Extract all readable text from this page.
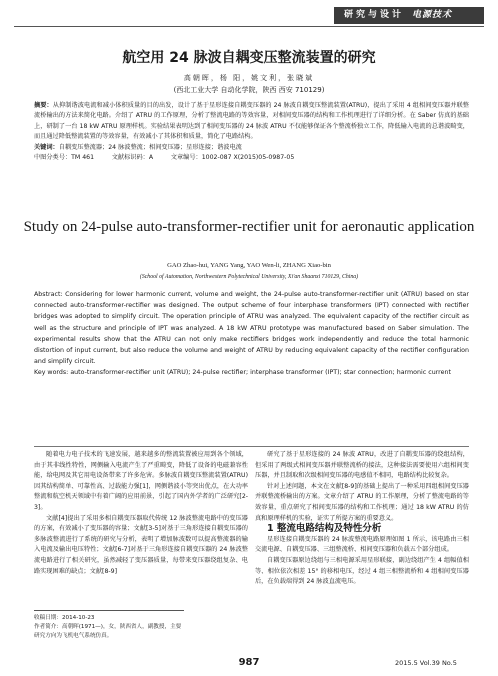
研究与设计 电源技术
航空用 24 脉波自耦变压整流装置的研究
高朝晖，杨 阳，姚文利，张晓斌
(西北工业大学 自动化学院，陕西 西安 710129)
摘要：从抑制谐波电流和减小体积质量的目的出发，设计了基于星形连接自耦变压器的 24 脉波自耦变压整流装置(ATRU)，提出了采用 4 组相间变压器并联整流桥输出的方法来简化电路。介绍了 ATRU 的工作原理，分析了整流电路的等效容量，对相间变压器的结构和工作机理进行了详细分析。在 Saber 仿真的基础上，研制了一台 18 kW ATRU 原理样机。实验结果表明达到了相间变压器的 24 脉波 ATRU 不仅能够保证各个整流桥独立工作，降低输入电流的总谐波畸变，而且通过降低整流装置的等效容量，有效减小了其体积和质量，简化了电路结构。
关键词：自耦变压整流器；24 脉波整流；相间变压器；星形连接；谐波电流
中图分类号：TM 461	文献标识码：A	文章编号：1002-087 X(2015)05-0987-05
Study on 24-pulse auto-transformer-rectifier unit for aeronautic application
GAO Zhao-hui, YANG Yang, YAO Wen-li, ZHANG Xiao-bin
(School of Automation, Northwestern Polytechnical University, Xi'an Shaanxi 710129, China)
Abstract: Considering for lower harmonic current, volume and weight, the 24-pulse auto-transformer-rectifier unit (ATRU) based on star connected auto-transformer-rectifier was designed. The output scheme of four interphase transformers (IPT) connected with rectifier bridges was adopted to simplify circuit. The operation principle of ATRU was analyzed. The equivalent capacity of the rectifier circuit as well as the structure and principle of IPT was analyzed. A 18 kW ATRU prototype was manufactured based on Saber simulation. The experimental results show that the ATRU can not only make rectifiers bridges work independently and reduce the total harmonic distortion of input current, but also reduce the volume and weight of ATRU by reducing equivalent capacity of the rectifier configuration and simplify circuit.
Key words: auto-transformer-rectifier unit (ATRU); 24-pulse rectifier; interphase transformer (IPT); star connection; harmonic current

随着电力电子技术的飞速发展，越来越多的整流装置被应用到各个领域，由于其非线性特性，网侧输入电流产生了严重畸变，降低了设备的电磁兼容性能，给电网及其它用电设备带来了许多危害。多脉波自耦变压整流装置(ATRU)因其结构简单、可靠性高、过载能力强[1]，网侧谐波小等突出优点，在大功率整流和航空机天领域中有着广阔的应用前景，引起了国内外学者的广泛研究[2-3]。

文献[4]提出了采用多相自耦变压器取代传统 12 脉波整流电路中的变压器的方案，有效减小了变压器的容量；文献[3-5]对基于三角形连接自耦变压器的多脉波整流进行了系统的研究与分析，表明了增加脉波数可以提高整流器的输入电流及输出电压特性；文献[6-7]对基于三角形连接自耦变压器的 24 脉波整流电路进行了相关研究，虽然减轻了变压器质量，每带来变压器绕组复杂、电路实现困难的缺点；文献[8-9]

研究了基于星形连接的 24 脉波 ATRU，改进了自耦变压器的绕组结构，但采用了两级式相间变压器并联整流桥的接法，这种接法需要使用六组相间变压器，并且制取和次级相间变压器的电感值不相同，电路结构比较复杂。

针对上述问题，本文在文献[8-9]的基础上提出了一种采用四组相间变压器并联整流桥输出的方案。文章介绍了 ATRU 的工作原理，分析了整流电路的等效容量，重点研究了相间变压器的结构和工作机理；通过 18 kW ATRU 的仿真和原理样机的实验，证实了所提方案的重要意义。

1 整流电路结构及特性分析

星形连接自耦变压器的 24 脉波整流电路原理如图 1 所示，该电路由三相交流电源、自耦变压器、三组整流桥、相间变压器和负载五个部分组成。

自耦变压器原边绕组与三相电源采用星形联接，副边绕组产生 4 组幅值相等、相位依次相差 15° 的移相电压，经过 4 组三相整流桥和 4 组相间变压器后，在负载端得到 24 脉波直流电压。

收稿日期：2014-10-23
作者简介：高朝晖(1971—)，女，陕西省人，副教授，主要研究方向为飞机电气系统仿真。
987	2015.5 Vol.39 No.5
